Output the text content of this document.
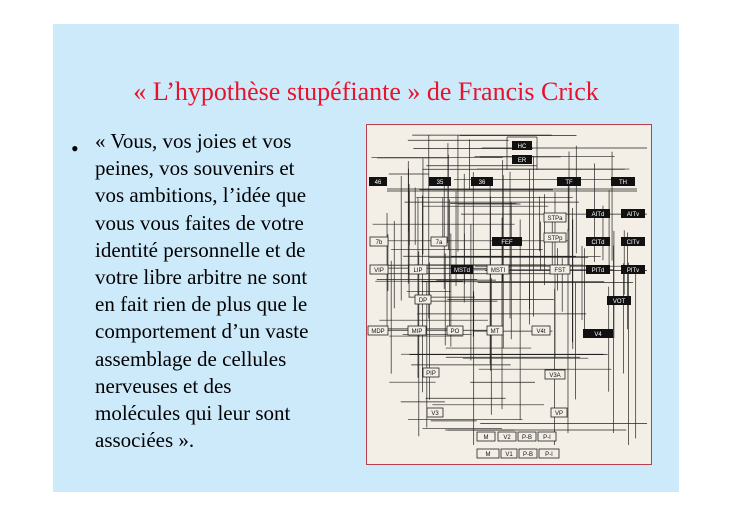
« L’hypothèse stupéfiante » de Francis Crick
• « Vous, vos joies et vos
peines, vos souvenirs et
vos ambitions, l’idée que
vous vous faites de votre
identité personnelle et de
votre libre arbitre ne sont
en fait rien de plus que le
comportement d’un vaste
assemblage de cellules
nerveuses et des
molécules qui leur sont
associées ».
HC
ER
46	35	36	TF	TH
AITd	AITv
FEF	CITd	CITv
MSTd	PITd	PITv
VOT
V4
STPa
STPp
7b	7a
VIP	LIP	MSTI	FST
DP
MDP	MIP	PO	MT	V4t
PIP	V3A
V3	VP
M V2 P-B P-I
M V1 P-B P-I
